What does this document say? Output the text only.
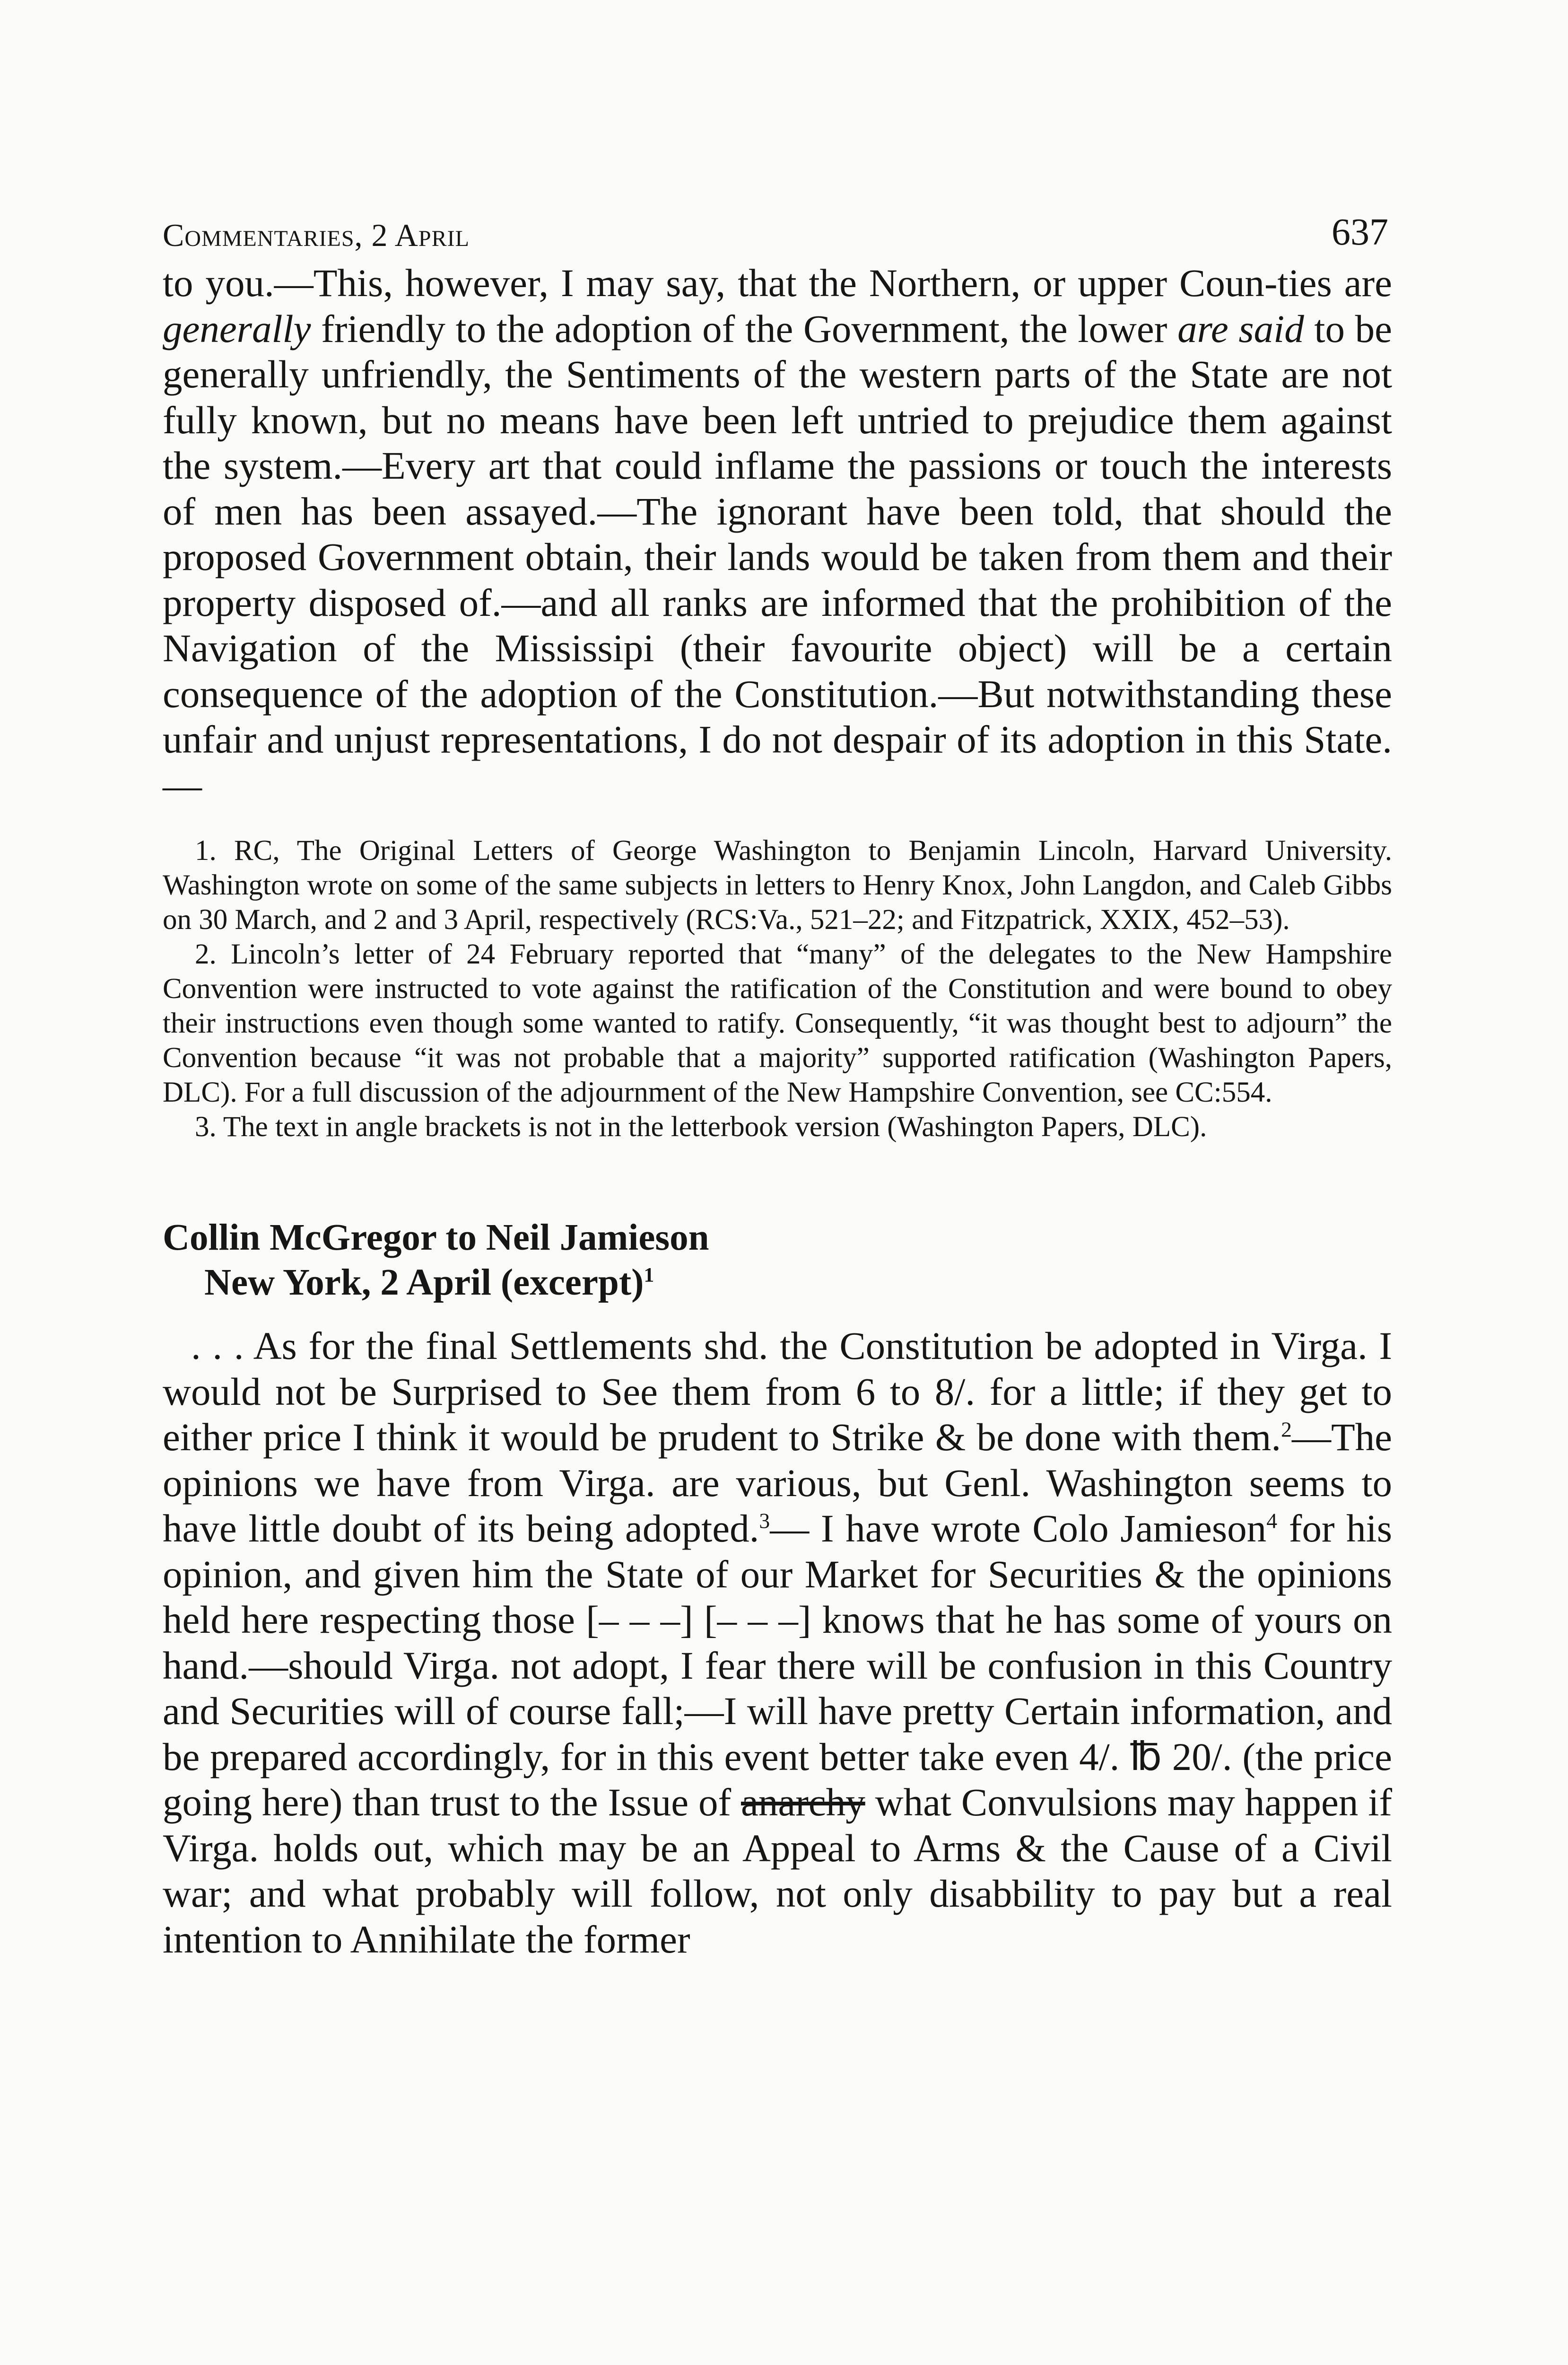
Commentaries, 2 April	637

to you.—This, however, I may say, that the Northern, or upper Coun-ties are generally friendly to the adoption of the Government, the lower are said to be generally unfriendly, the Sentiments of the western parts of the State are not fully known, but no means have been left untried to prejudice them against the system.—Every art that could inflame the passions or touch the interests of men has been assayed.—The ignorant have been told, that should the proposed Government obtain, their lands would be taken from them and their property disposed of.—and all ranks are informed that the prohibition of the Navigation of the Mississipi (their favourite object) will be a certain consequence of the adoption of the Constitution.—But notwithstanding these unfair and unjust representations, I do not despair of its adoption in this State.—

1. RC, The Original Letters of George Washington to Benjamin Lincoln, Harvard University. Washington wrote on some of the same subjects in letters to Henry Knox, John Langdon, and Caleb Gibbs on 30 March, and 2 and 3 April, respectively (RCS:Va., 521–22; and Fitzpatrick, XXIX, 452–53).

2. Lincoln’s letter of 24 February reported that “many” of the delegates to the New Hampshire Convention were instructed to vote against the ratification of the Constitution and were bound to obey their instructions even though some wanted to ratify. Consequently, “it was thought best to adjourn” the Convention because “it was not probable that a majority” supported ratification (Washington Papers, DLC). For a full discussion of the adjournment of the New Hampshire Convention, see CC:554.

3. The text in angle brackets is not in the letterbook version (Washington Papers, DLC).

Collin McGregor to Neil Jamieson
New York, 2 April (excerpt)$^1$

. . . As for the final Settlements shd. the Constitution be adopted in Virga. I would not be Surprised to See them from 6 to 8/. for a little; if they get to either price I think it would be prudent to Strike & be done with them.$^2$—The opinions we have from Virga. are various, but Genl. Washington seems to have little doubt of its being adopted.$^3$— I have wrote Colo Jamieson$^4$ for his opinion, and given him the State of our Market for Securities & the opinions held here respecting those [– – –] [– – –] knows that he has some of yours on hand.—should Virga. not adopt, I fear there will be confusion in this Country and Securities will of course fall;—I will have pretty Certain information, and be prepared accordingly, for in this event better take even 4/. ℔ 20/. (the price going here) than trust to the Issue of anarchy what Convulsions may happen if Virga. holds out, which may be an Appeal to Arms & the Cause of a Civil war; and what probably will follow, not only disabbility to pay but a real intention to Annihilate the former
